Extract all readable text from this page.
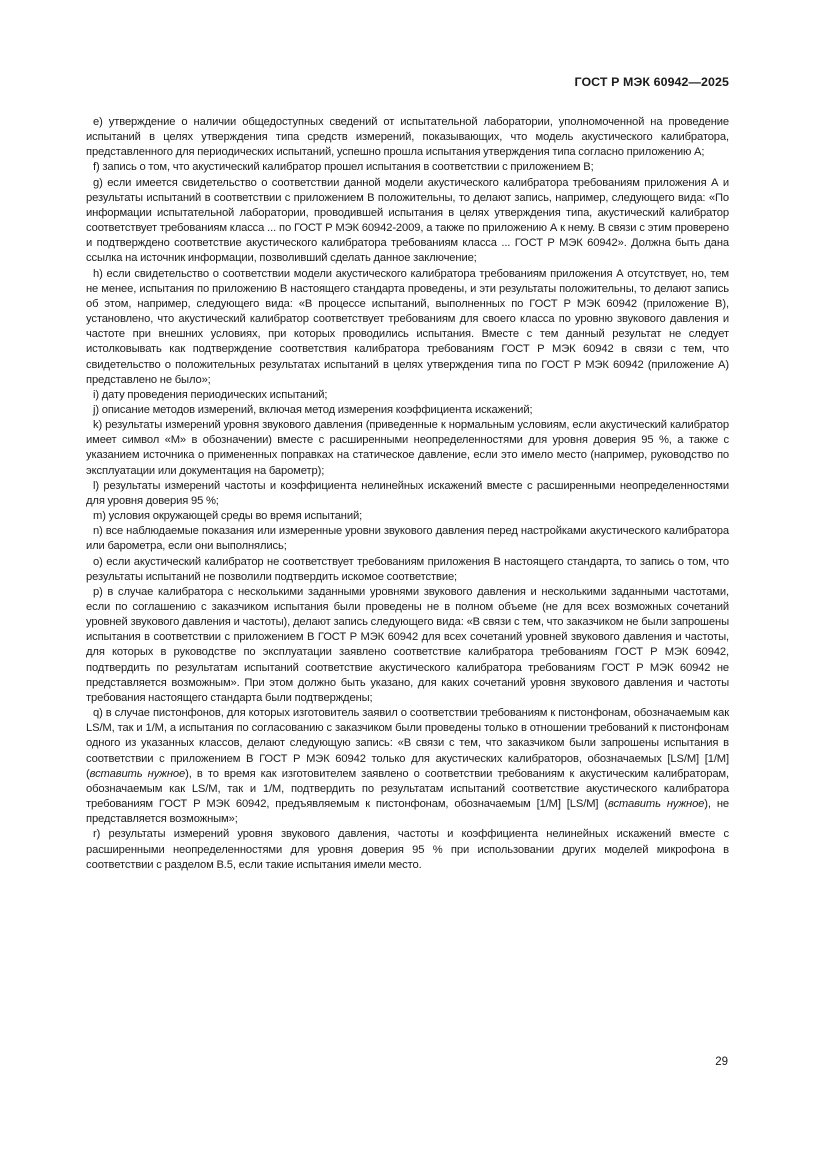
ГОСТ Р МЭК 60942—2025

е) утверждение о наличии общедоступных сведений от испытательной лаборатории, уполномоченной на проведение испытаний в целях утверждения типа средств измерений, показывающих, что модель акустического калибратора, представленного для периодических испытаний, успешно прошла испытания утверждения типа согласно приложению А;

f) запись о том, что акустический калибратор прошел испытания в соответствии с приложением В;

g) если имеется свидетельство о соответствии данной модели акустического калибратора требованиям приложения А и результаты испытаний в соответствии с приложением В положительны, то делают запись, например, следующего вида: «По информации испытательной лаборатории, проводившей испытания в целях утверждения типа, акустический калибратор соответствует требованиям класса ... по ГОСТ Р МЭК 60942-2009, а также по приложению А к нему. В связи с этим проверено и подтверждено соответствие акустического калибратора требованиям класса ... ГОСТ Р МЭК 60942». Должна быть дана ссылка на источник информации, позволивший сделать данное заключение;

h) если свидетельство о соответствии модели акустического калибратора требованиям приложения А отсутствует, но, тем не менее, испытания по приложению В настоящего стандарта проведены, и эти результаты положительны, то делают запись об этом, например, следующего вида: «В процессе испытаний, выполненных по ГОСТ Р МЭК 60942 (приложение В), установлено, что акустический калибратор соответствует требованиям для своего класса по уровню звукового давления и частоте при внешних условиях, при которых проводились испытания. Вместе с тем данный результат не следует истолковывать как подтверждение соответствия калибратора требованиям ГОСТ Р МЭК 60942 в связи с тем, что свидетельство о положительных результатах испытаний в целях утверждения типа по ГОСТ Р МЭК 60942 (приложение А) представлено не было»;

i) дату проведения периодических испытаний;

j) описание методов измерений, включая метод измерения коэффициента искажений;

k) результаты измерений уровня звукового давления (приведенные к нормальным условиям, если акустический калибратор имеет символ «М» в обозначении) вместе с расширенными неопределенностями для уровня доверия 95 %, а также с указанием источника о примененных поправках на статическое давление, если это имело место (например, руководство по эксплуатации или документация на барометр);

l) результаты измерений частоты и коэффициента нелинейных искажений вместе с расширенными неопределенностями для уровня доверия 95 %;

m) условия окружающей среды во время испытаний;

n) все наблюдаемые показания или измеренные уровни звукового давления перед настройками акустического калибратора или барометра, если они выполнялись;

о) если акустический калибратор не соответствует требованиям приложения В настоящего стандарта, то запись о том, что результаты испытаний не позволили подтвердить искомое соответствие;

р) в случае калибратора с несколькими заданными уровнями звукового давления и несколькими заданными частотами, если по соглашению с заказчиком испытания были проведены не в полном объеме (не для всех возможных сочетаний уровней звукового давления и частоты), делают запись следующего вида: «В связи с тем, что заказчиком не были запрошены испытания в соответствии с приложением В ГОСТ Р МЭК 60942 для всех сочетаний уровней звукового давления и частоты, для которых в руководстве по эксплуатации заявлено соответствие калибратора требованиям ГОСТ Р МЭК 60942, подтвердить по результатам испытаний соответствие акустического калибратора требованиям ГОСТ Р МЭК 60942 не представляется возможным». При этом должно быть указано, для каких сочетаний уровня звукового давления и частоты требования настоящего стандарта были подтверждены;

q) в случае пистонфонов, для которых изготовитель заявил о соответствии требованиям к пистонфонам, обозначаемым как LS/M, так и 1/M, а испытания по согласованию с заказчиком были проведены только в отношении требований к пистонфонам одного из указанных классов, делают следующую запись: «В связи с тем, что заказчиком были запрошены испытания в соответствии с приложением В ГОСТ Р МЭК 60942 только для акустических калибраторов, обозначаемых [LS/M] [1/M] (вставить нужное), в то время как изготовителем заявлено о соответствии требованиям к акустическим калибраторам, обозначаемым как LS/M, так и 1/M, подтвердить по результатам испытаний соответствие акустического калибратора требованиям ГОСТ Р МЭК 60942, предъявляемым к пистонфонам, обозначаемым [1/M] [LS/M] (вставить нужное), не представляется возможным»;

r) результаты измерений уровня звукового давления, частоты и коэффициента нелинейных искажений вместе с расширенными неопределенностями для уровня доверия 95 % при использовании других моделей микрофона в соответствии с разделом В.5, если такие испытания имели место.

29
